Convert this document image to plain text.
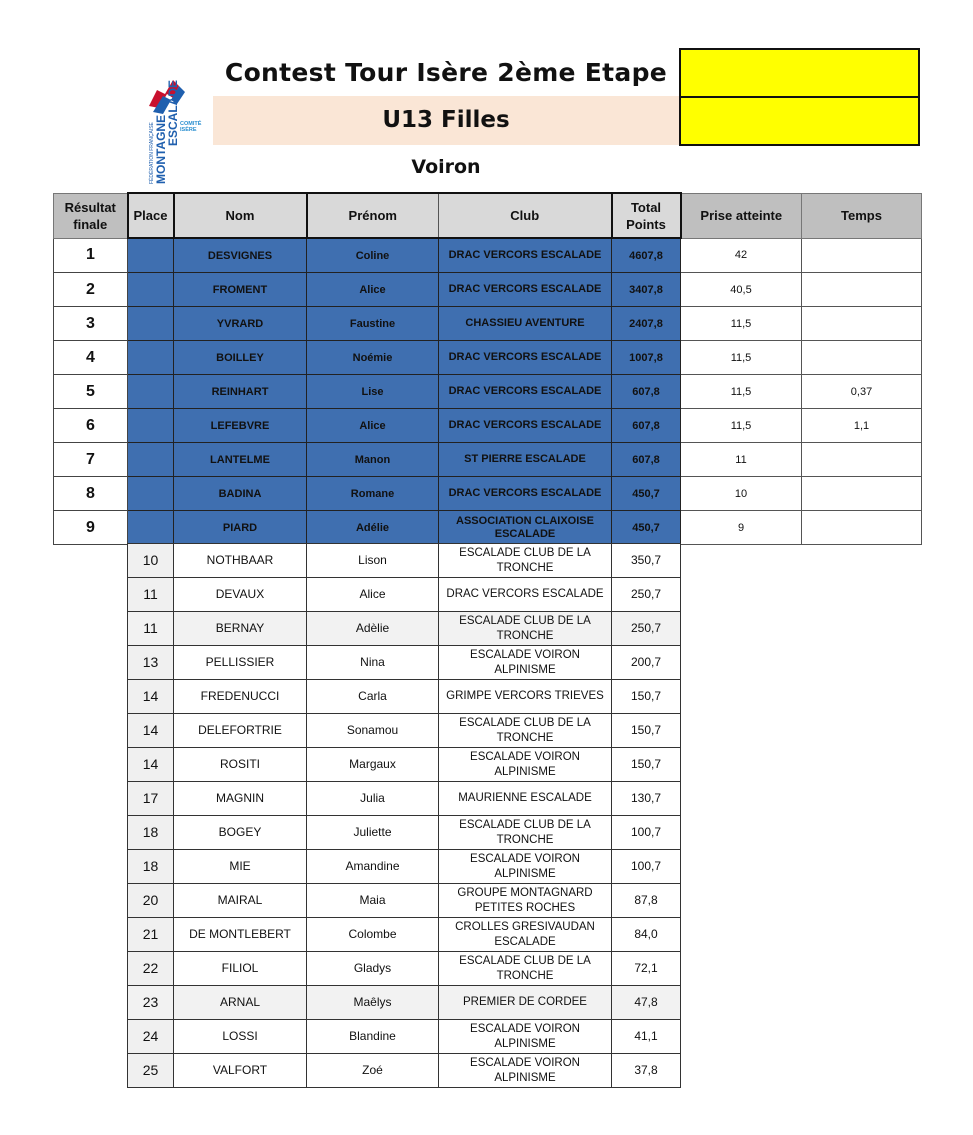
FÉDÉRATION FRANÇAISE MONTAGNE
ESCALADE COMITÉ
ISÈRE
Contest Tour Isère 2ème Etape
U13 Filles
Voiron
Résultat
finale	Place	Nom	Prénom	Club	Total
Points	Prise atteinte	Temps
1		DESVIGNES	Coline	DRAC VERCORS ESCALADE	4607,8	42	
2		FROMENT	Alice	DRAC VERCORS ESCALADE	3407,8	40,5	
3		YVRARD	Faustine	CHASSIEU AVENTURE	2407,8	11,5	
4		BOILLEY	Noémie	DRAC VERCORS ESCALADE	1007,8	11,5	
5		REINHART	Lise	DRAC VERCORS ESCALADE	607,8	11,5	0,37
6		LEFEBVRE	Alice	DRAC VERCORS ESCALADE	607,8	11,5	1,1
7		LANTELME	Manon	ST PIERRE ESCALADE	607,8	11	
8		BADINA	Romane	DRAC VERCORS ESCALADE	450,7	10	
9		PIARD	Adélie	ASSOCIATION CLAIXOISE ESCALADE	450,7	9	
10	NOTHBAAR	Lison	ESCALADE CLUB DE LA TRONCHE	350,7
11	DEVAUX	Alice	DRAC VERCORS ESCALADE	250,7
11	BERNAY	Adèlie	ESCALADE CLUB DE LA TRONCHE	250,7
13	PELLISSIER	Nina	ESCALADE VOIRON ALPINISME	200,7
14	FREDENUCCI	Carla	GRIMPE VERCORS TRIEVES	150,7
14	DELEFORTRIE	Sonamou	ESCALADE CLUB DE LA TRONCHE	150,7
14	ROSITI	Margaux	ESCALADE VOIRON ALPINISME	150,7
17	MAGNIN	Julia	MAURIENNE ESCALADE	130,7
18	BOGEY	Juliette	ESCALADE CLUB DE LA TRONCHE	100,7
18	MIE	Amandine	ESCALADE VOIRON ALPINISME	100,7
20	MAIRAL	Maia	GROUPE MONTAGNARD PETITES ROCHES	87,8
21	DE MONTLEBERT	Colombe	CROLLES GRESIVAUDAN ESCALADE	84,0
22	FILIOL	Gladys	ESCALADE CLUB DE LA TRONCHE	72,1
23	ARNAL	Maêlys	PREMIER DE CORDEE	47,8
24	LOSSI	Blandine	ESCALADE VOIRON ALPINISME	41,1
25	VALFORT	Zoé	ESCALADE VOIRON ALPINISME	37,8
